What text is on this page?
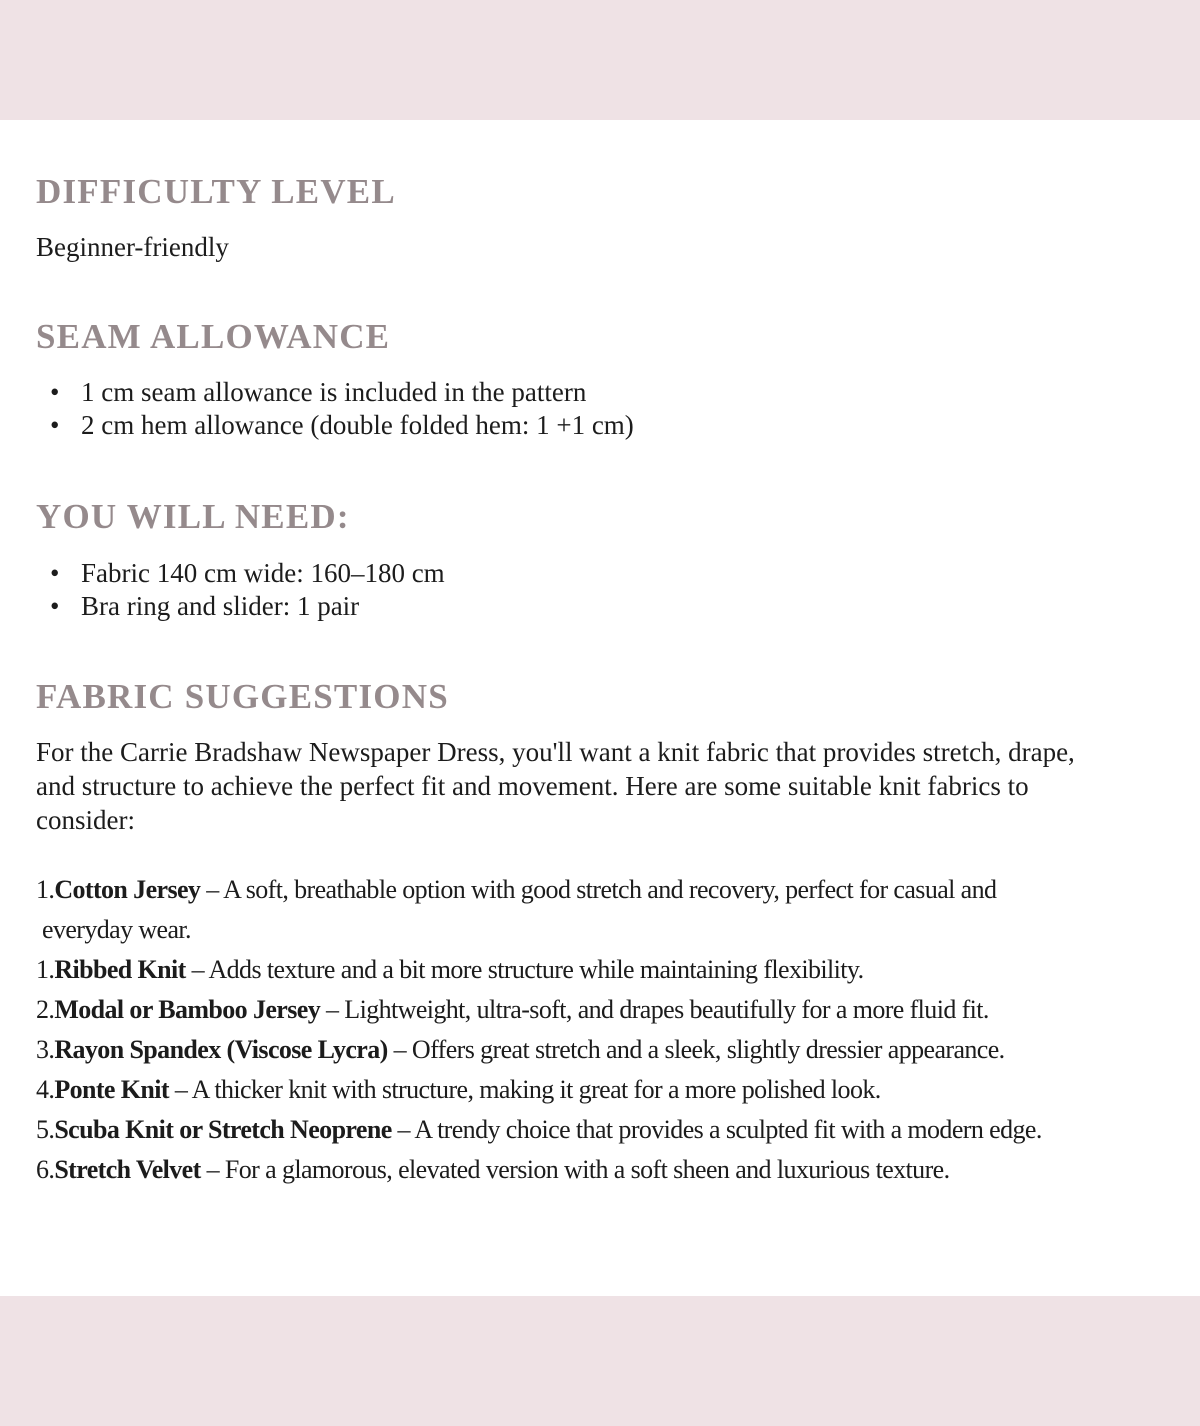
DIFFICULTY LEVEL

Beginner-friendly

SEAM ALLOWANCE
• 1 cm seam allowance is included in the pattern
• 2 cm hem allowance (double folded hem: 1 +1 cm)
YOU WILL NEED:
• Fabric 140 cm wide: 160–180 cm
• Bra ring and slider: 1 pair
FABRIC SUGGESTIONS

For the Carrie Bradshaw Newspaper Dress, you'll want a knit fabric that provides stretch, drape,
and structure to achieve the perfect fit and movement. Here are some suitable knit fabrics to
consider:

1.Cotton Jersey – A soft, breathable option with good stretch and recovery, perfect for casual and
everyday wear.
1.Ribbed Knit – Adds texture and a bit more structure while maintaining flexibility.
2.Modal or Bamboo Jersey – Lightweight, ultra-soft, and drapes beautifully for a more fluid fit.
3.Rayon Spandex (Viscose Lycra) – Offers great stretch and a sleek, slightly dressier appearance.
4.Ponte Knit – A thicker knit with structure, making it great for a more polished look.
5.Scuba Knit or Stretch Neoprene – A trendy choice that provides a sculpted fit with a modern edge.
6.Stretch Velvet – For a glamorous, elevated version with a soft sheen and luxurious texture.
